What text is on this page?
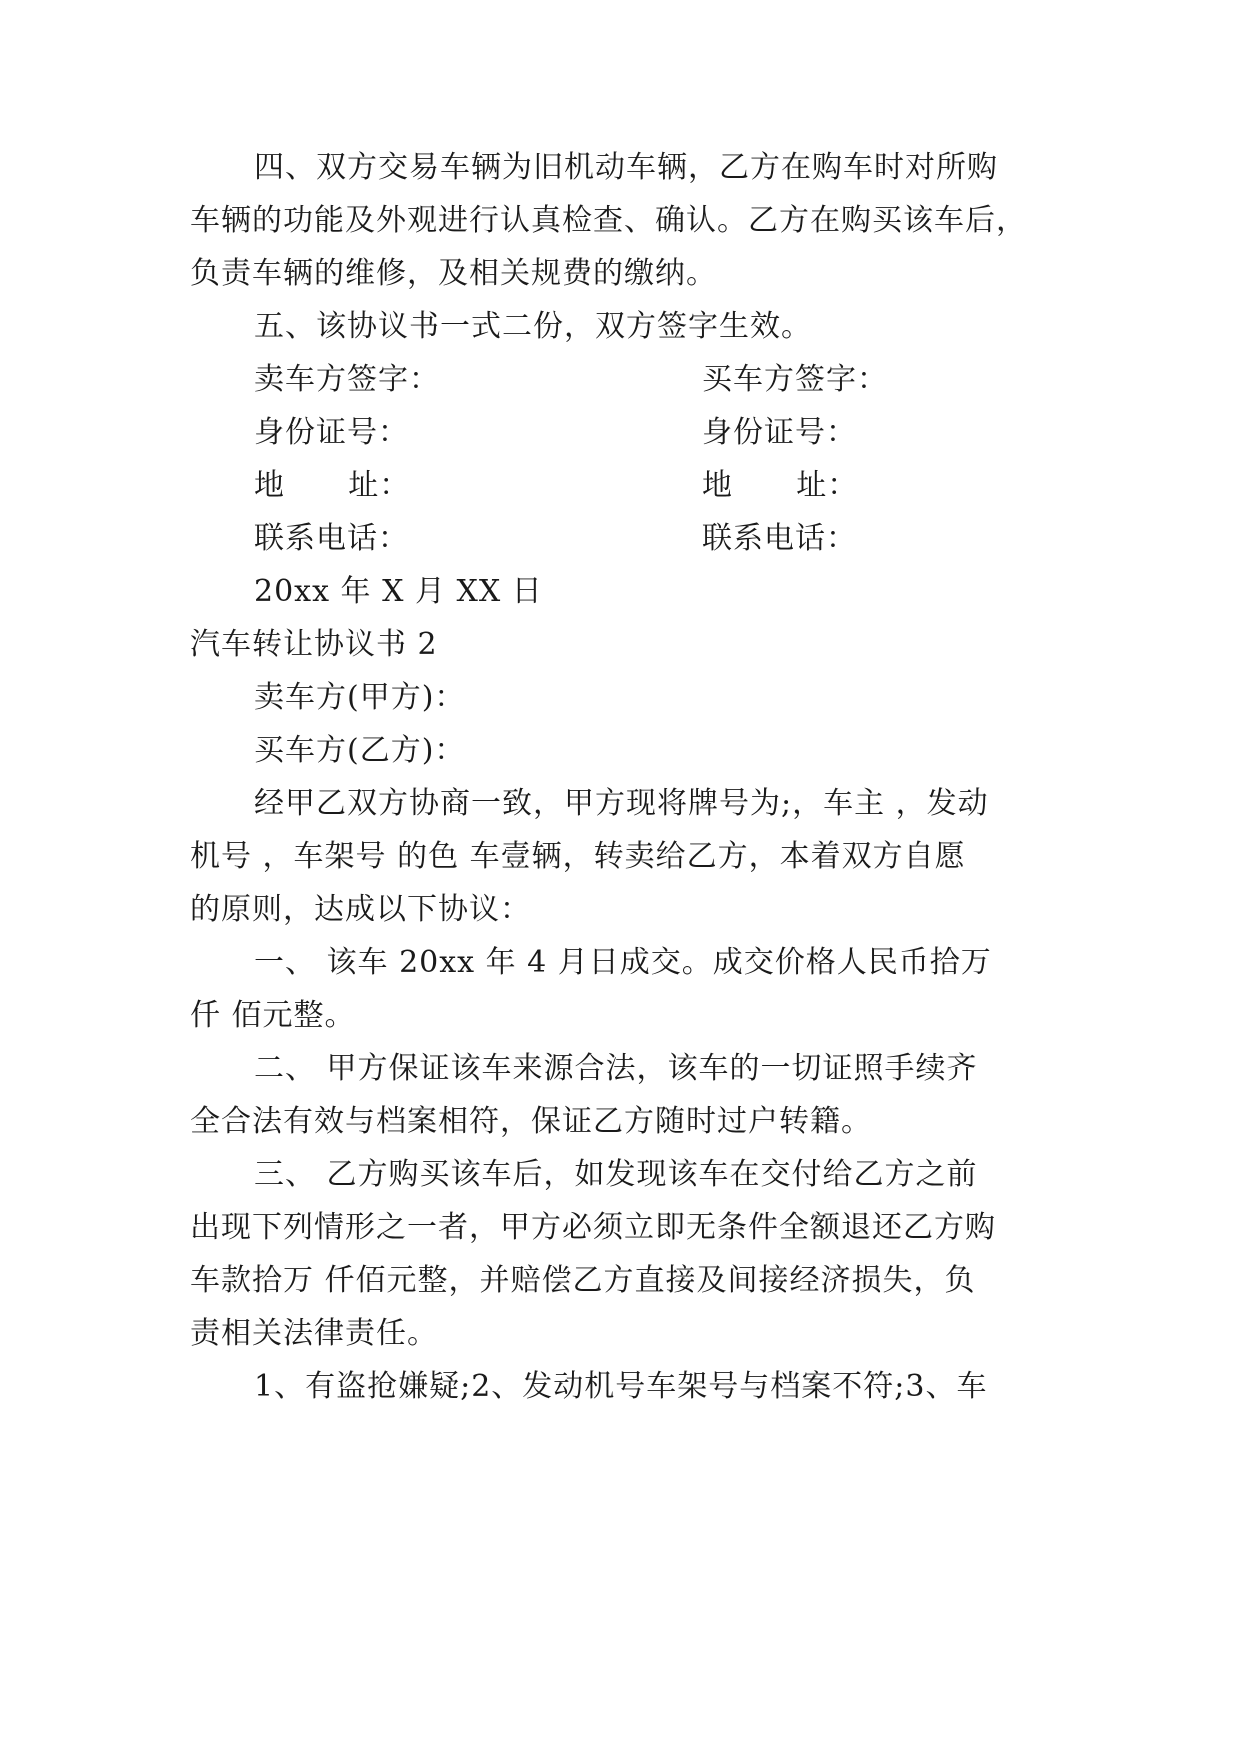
四、双方交易车辆为旧机动车辆，乙方在购车时对所购
车辆的功能及外观进行认真检查、确认。乙方在购买该车后，
负责车辆的维修，及相关规费的缴纳。
五、该协议书一式二份，双方签字生效。
卖车方签字：	买车方签字：
身份证号：	身份证号：
地      址：	地      址：
联系电话：	联系电话：
20xx 年 X 月 XX 日
汽车转让协议书 2
卖车方(甲方)：
买车方(乙方)：
经甲乙双方协商一致，甲方现将牌号为;，车主 ，发动
机号 ，车架号 的色 车壹辆，转卖给乙方，本着双方自愿
的原则，达成以下协议：
一、 该车 20xx 年 4 月日成交。成交价格人民币拾万
仟 佰元整。
二、 甲方保证该车来源合法，该车的一切证照手续齐
全合法有效与档案相符，保证乙方随时过户转籍。
三、 乙方购买该车后，如发现该车在交付给乙方之前
出现下列情形之一者，甲方必须立即无条件全额退还乙方购
车款拾万 仟佰元整，并赔偿乙方直接及间接经济损失，负
责相关法律责任。
1、有盗抢嫌疑;2、发动机号车架号与档案不符;3、车
